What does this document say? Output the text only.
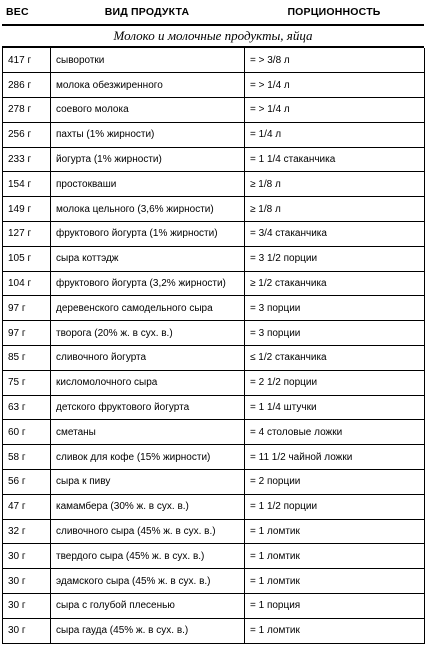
ВЕС	ВИД ПРОДУКТА	ПОРЦИОННОСТЬ
Молоко и молочные продукты, яйца
417 г	сыворотки	= > 3/8 л
286 г	молока обезжиренного	= > 1/4 л
278 г	соевого молока	= > 1/4 л
256 г	пахты (1% жирности)	= 1/4 л
233 г	йогурта (1% жирности)	= 1 1/4 стаканчика
154 г	простокваши	≥ 1/8 л
149 г	молока цельного (3,6% жирности)	≥ 1/8 л
127 г	фруктового йогурта (1% жирности)	= 3/4 стаканчика
105 г	сыра коттэдж	= 3 1/2 порции
104 г	фруктового йогурта (3,2% жирности)	≥ 1/2 стаканчика
97 г	деревенского самодельного сыра	= 3 порции
97 г	творога (20% ж. в сух. в.)	= 3 порции
85 г	сливочного йогурта	≤ 1/2 стаканчика
75 г	кисломолочного сыра	= 2 1/2 порции
63 г	детского фруктового йогурта	= 1 1/4 штучки
60 г	сметаны	= 4 столовые ложки
58 г	сливок для кофе (15% жирности)	= 11 1/2 чайной ложки
56 г	сыра к пиву	= 2 порции
47 г	камамбера (30% ж. в сух. в.)	= 1 1/2 порции
32 г	сливочного сыра (45% ж. в сух. в.)	= 1 ломтик
30 г	твердого сыра (45% ж. в сух. в.)	= 1 ломтик
30 г	эдамского сыра (45% ж. в сух. в.)	= 1 ломтик
30 г	сыра с голубой плесенью	= 1 порция
30 г	сыра гауда (45% ж. в сух. в.)	= 1 ломтик
